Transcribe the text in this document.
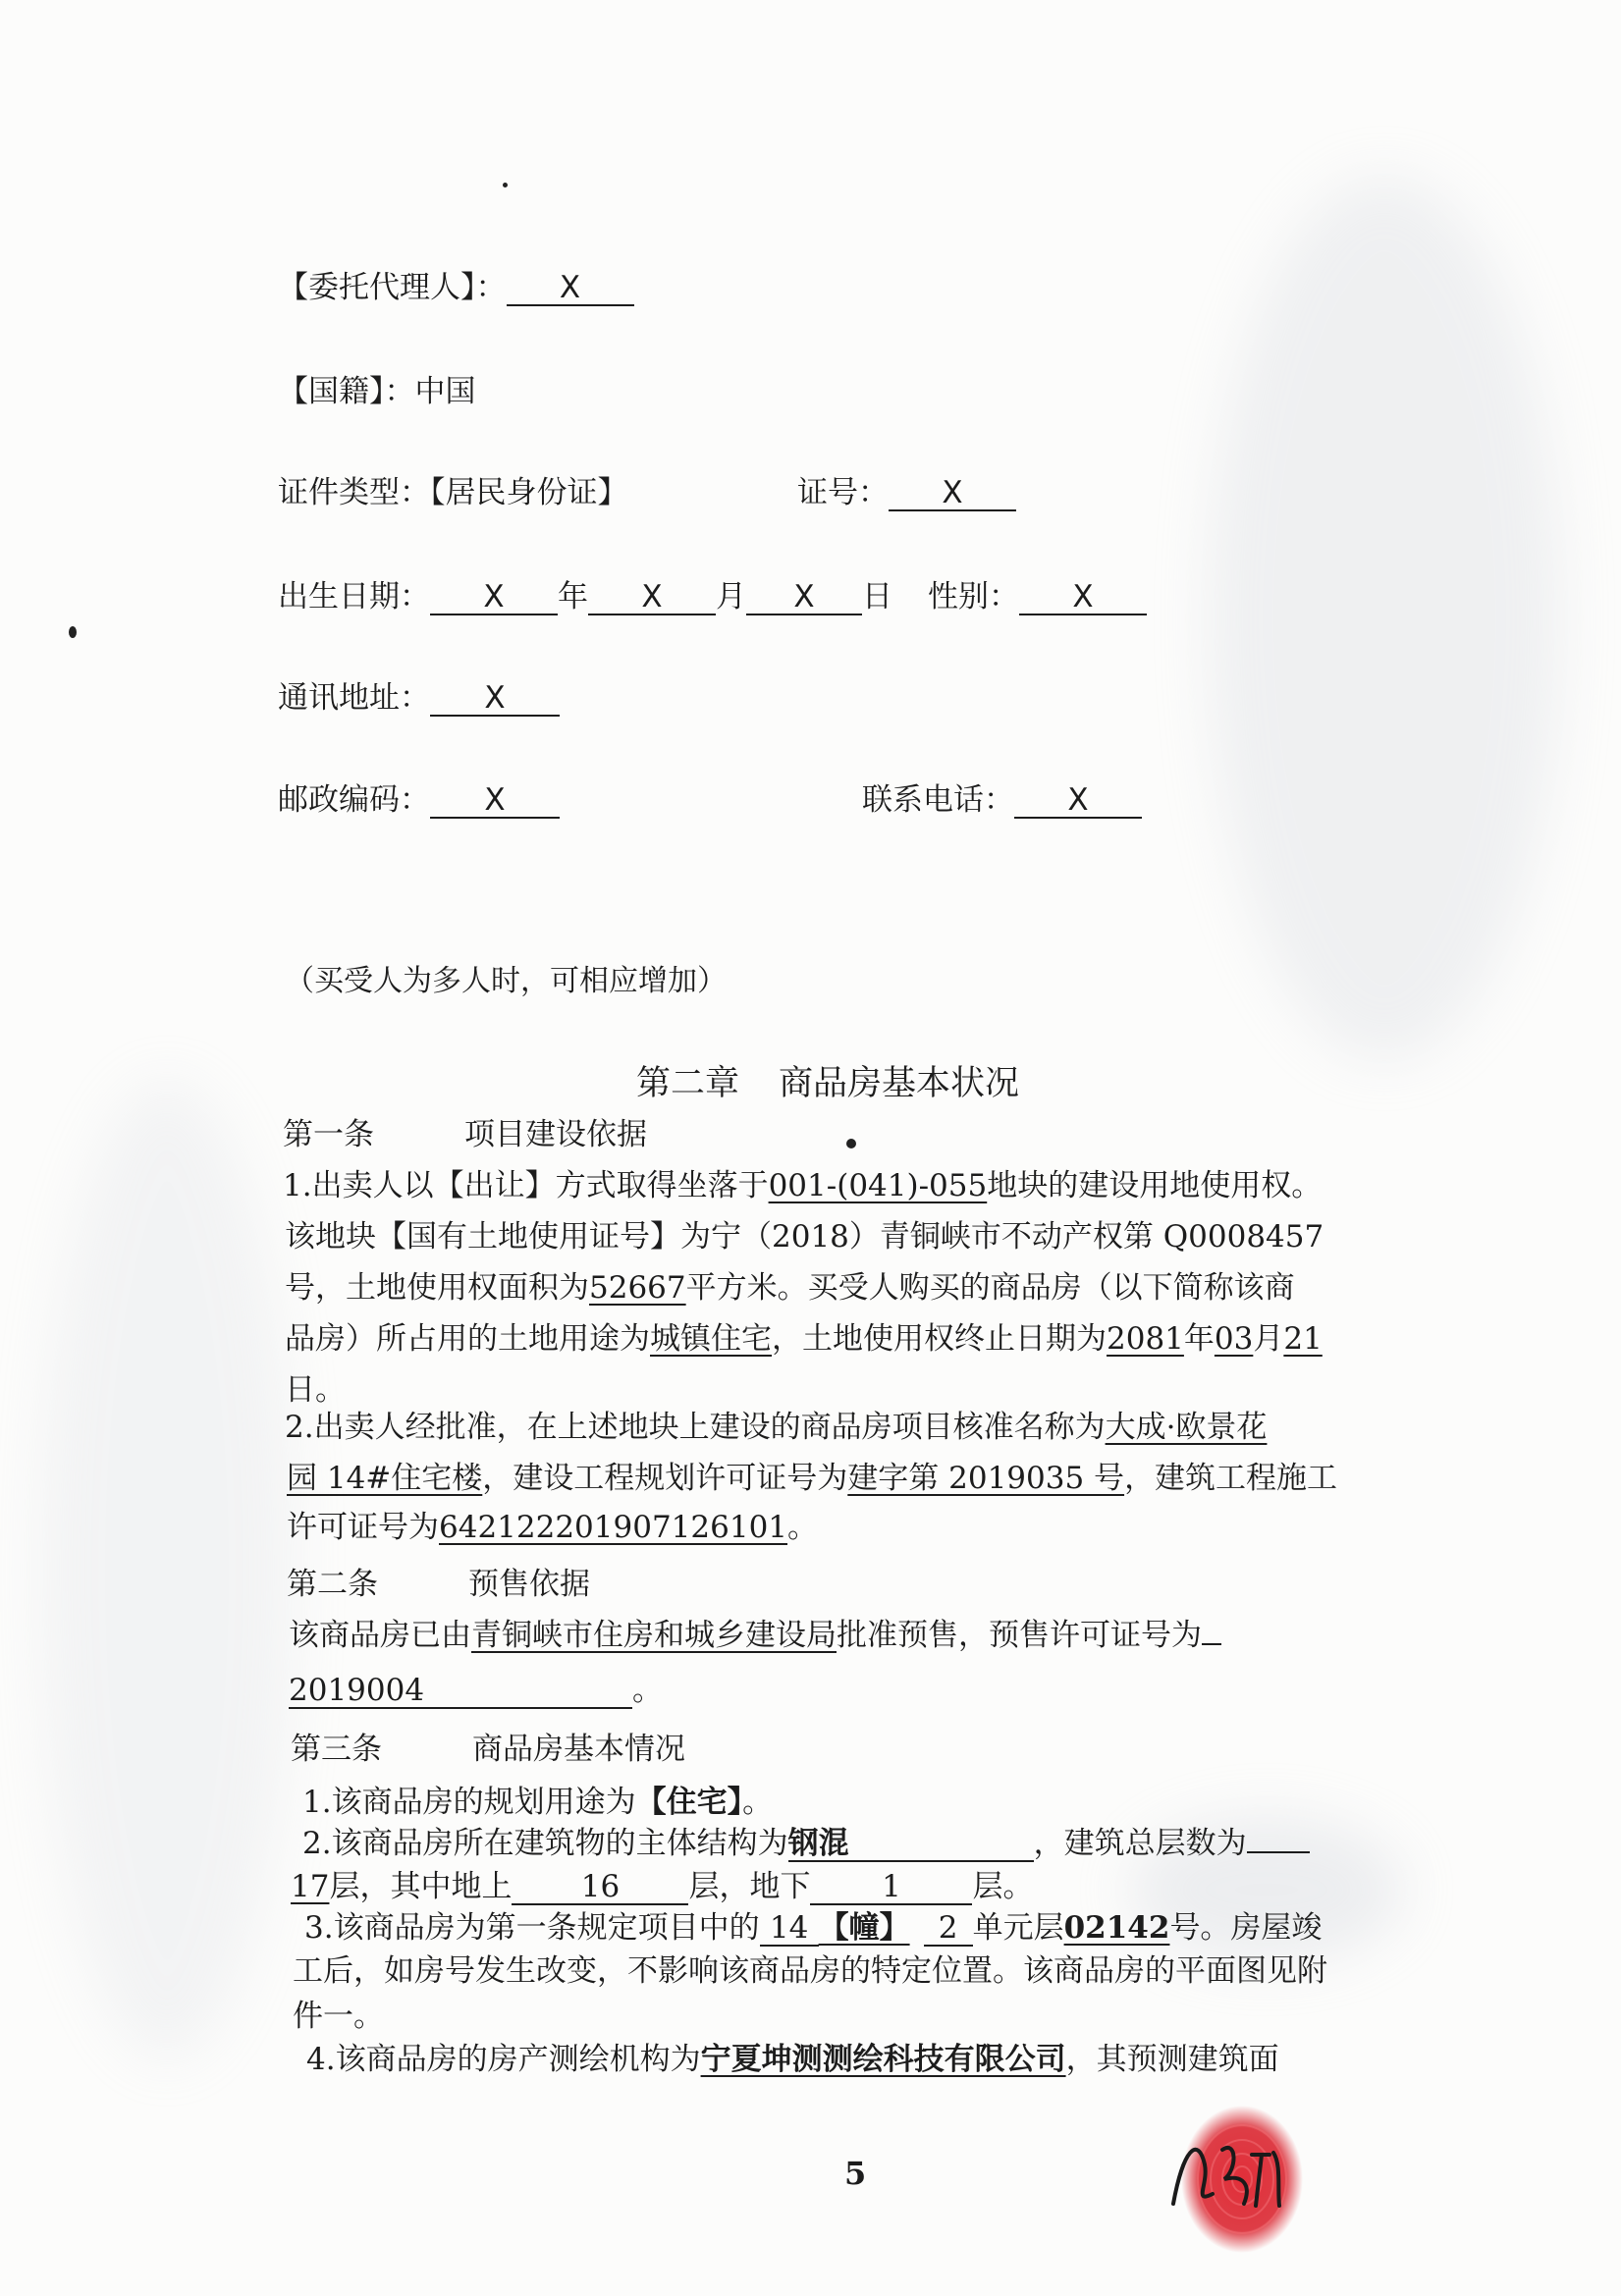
【委托代理人】： X
【国籍】：中国
证件类型：【居民身份证】	证号： X
出生日期： X 年 X 月 X 日 性别： X
通讯地址： X
邮政编码： X	联系电话： X
（买受人为多人时，可相应增加）
第二章 商品房基本状况
第一条	项目建设依据
1.出卖人以【出让】方式取得坐落于001-(041)-055地块的建设用地使用权。
该地块【国有土地使用证号】为宁（2018）青铜峡市不动产权第 Q0008457
号，土地使用权面积为52667平方米。买受人购买的商品房（以下简称该商
品房）所占用的土地用途为城镇住宅，土地使用权终止日期为2081年03月21
日。
2.出卖人经批准，在上述地块上建设的商品房项目核准名称为大成·欧景花
园 14#住宅楼，建设工程规划许可证号为建字第 2019035 号，建筑工程施工
许可证号为642122201907126101。
第二条	预售依据
该商品房已由青铜峡市住房和城乡建设局批准预售，预售许可证号为
2019004	。
第三条	商品房基本情况
1.该商品房的规划用途为【住宅】。
2.该商品房所在建筑物的主体结构为钢混	，建筑总层数为
17层，其中地上 16 层，地下 1 层。
3.该商品房为第一条规定项目中的 14 【幢】 2 单元层02142号。房屋竣
工后，如房号发生改变，不影响该商品房的特定位置。该商品房的平面图见附
件一。
4.该商品房的房产测绘机构为宁夏坤测测绘科技有限公司，其预测建筑面
5
8721
